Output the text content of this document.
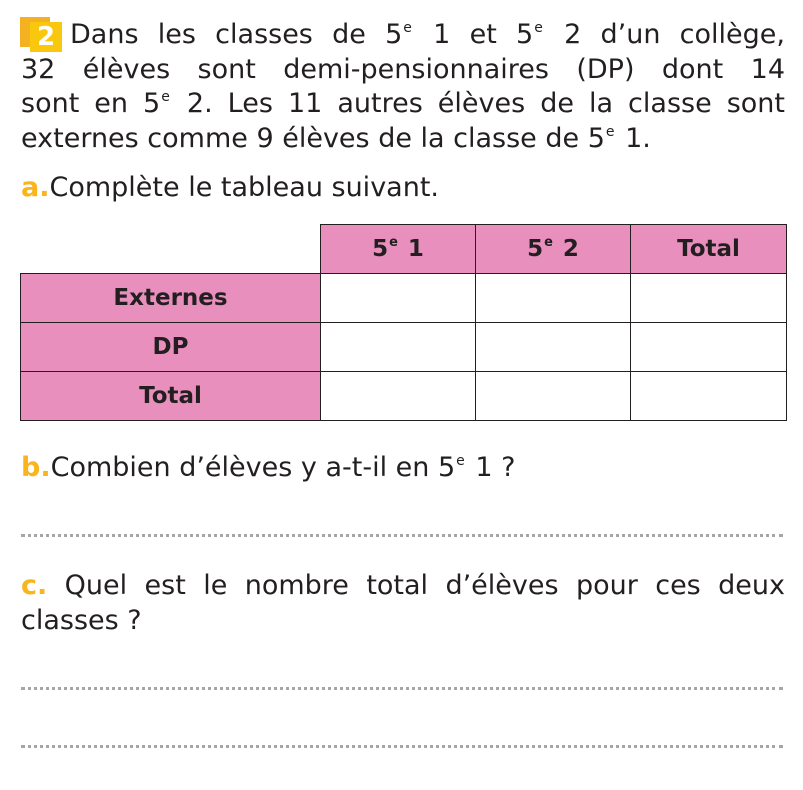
2 Dans les classes de 5e 1 et 5e 2 d’un collège,
32 élèves sont demi-pensionnaires (DP) dont 14
sont en 5e 2. Les 11 autres élèves de la classe sont
externes comme 9 élèves de la classe de 5e 1.
a.Complète le tableau suivant.
	5e 1	5e 2	Total
Externes			
DP			
Total			
b.Combien d’élèves y a-t-il en 5e 1 ?
c. Quel est le nombre total d’élèves pour ces deux
classes ?
